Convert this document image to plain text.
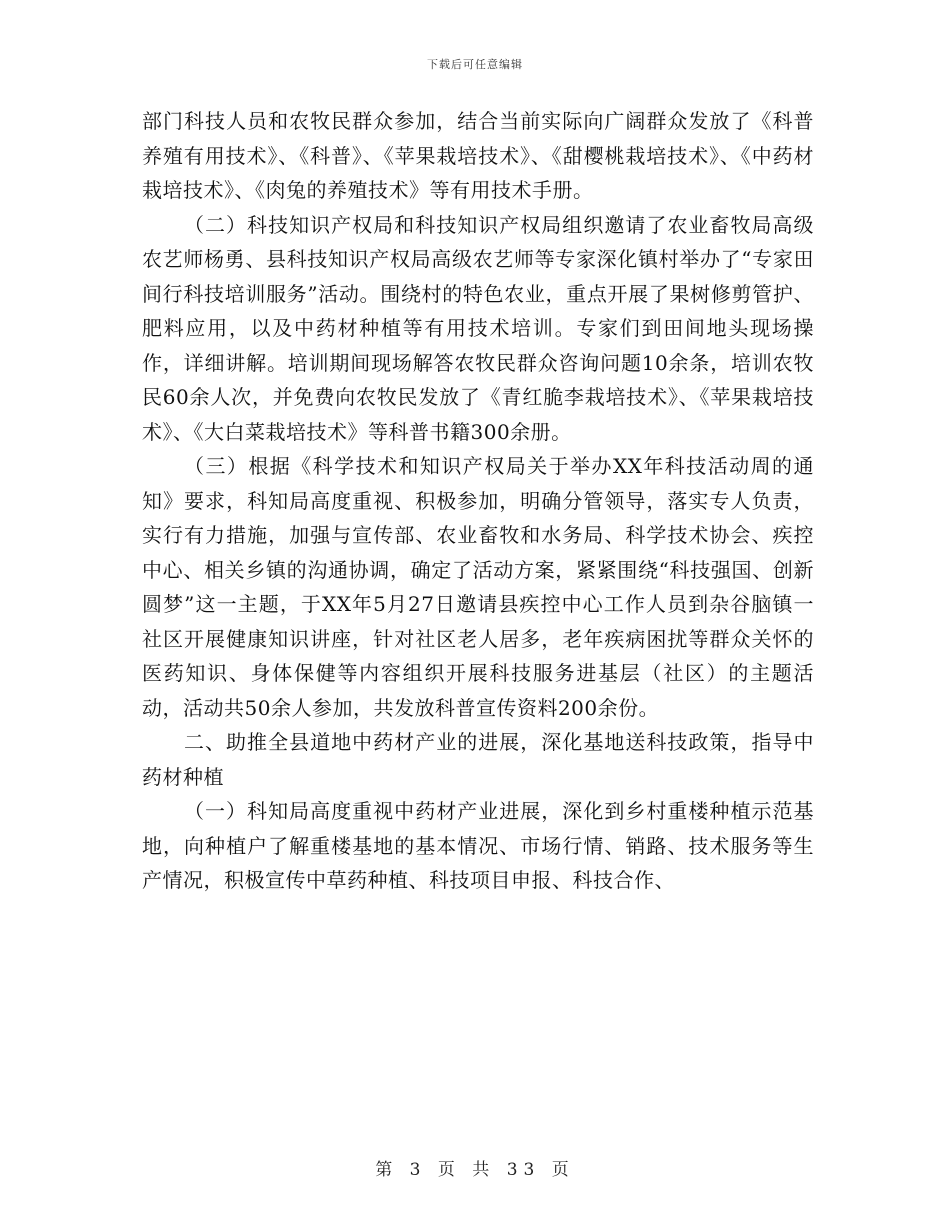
下载后可任意编辑

部门科技人员和农牧民群众参加，结合当前实际向广阔群众发放了《科普养殖有用技术》、《科普》、《苹果栽培技术》、《甜樱桃栽培技术》、《中药材栽培技术》、《肉兔的养殖技术》等有用技术手册。

（二）科技知识产权局和科技知识产权局组织邀请了农业畜牧局高级农艺师杨勇、县科技知识产权局高级农艺师等专家深化镇村举办了“专家田间行科技培训服务”活动。围绕村的特色农业，重点开展了果树修剪管护、肥料应用，以及中药材种植等有用技术培训。专家们到田间地头现场操作，详细讲解。培训期间现场解答农牧民群众咨询问题10余条，培训农牧民60余人次，并免费向农牧民发放了《青红脆李栽培技术》、《苹果栽培技术》、《大白菜栽培技术》等科普书籍300余册。

（三）根据《科学技术和知识产权局关于举办XX年科技活动周的通知》要求，科知局高度重视、积极参加，明确分管领导，落实专人负责，实行有力措施，加强与宣传部、农业畜牧和水务局、科学技术协会、疾控中心、相关乡镇的沟通协调，确定了活动方案，紧紧围绕“科技强国、创新圆梦”这一主题，于XX年5月27日邀请县疾控中心工作人员到杂谷脑镇一社区开展健康知识讲座，针对社区老人居多，老年疾病困扰等群众关怀的医药知识、身体保健等内容组织开展科技服务进基层（社区）的主题活动，活动共50余人参加，共发放科普宣传资料200余份。

二、助推全县道地中药材产业的进展，深化基地送科技政策，指导中药材种植

（一）科知局高度重视中药材产业进展，深化到乡村重楼种植示范基地，向种植户了解重楼基地的基本情况、市场行情、销路、技术服务等生产情况，积极宣传中草药种植、科技项目申报、科技合作、

第 3 页 共 33 页
